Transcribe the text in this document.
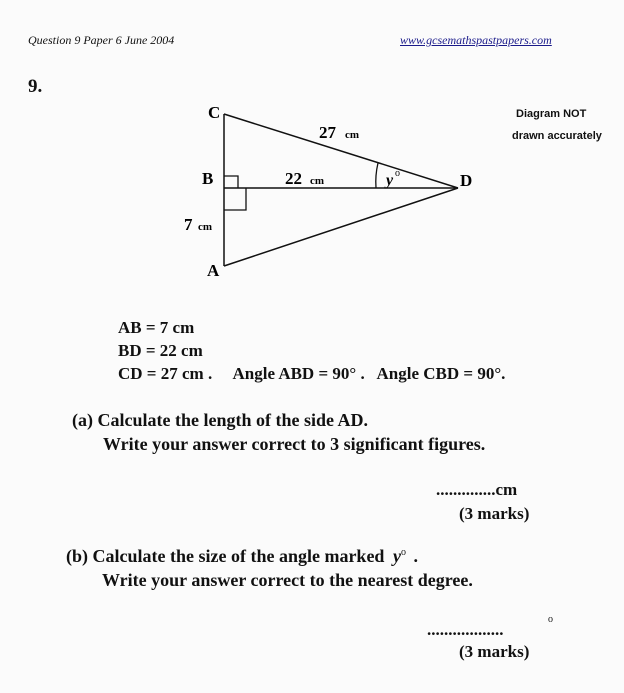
Question 9 Paper 6 June 2004	www.gcsemathspastpapers.com
9.
Diagram NOT
drawn accurately
C
B
A
D
27 cm
22 cm
7 cm
y o
AB = 7 cm
BD = 22 cm
CD = 27 cm .     Angle ABD = 90° .   Angle CBD = 90°.
(a) Calculate the length of the side AD.
Write your answer correct to 3 significant figures.
..............cm
(3 marks)
(b) Calculate the size of the angle marked $y^o$ .
Write your answer correct to the nearest degree.
..................
o
(3 marks)
